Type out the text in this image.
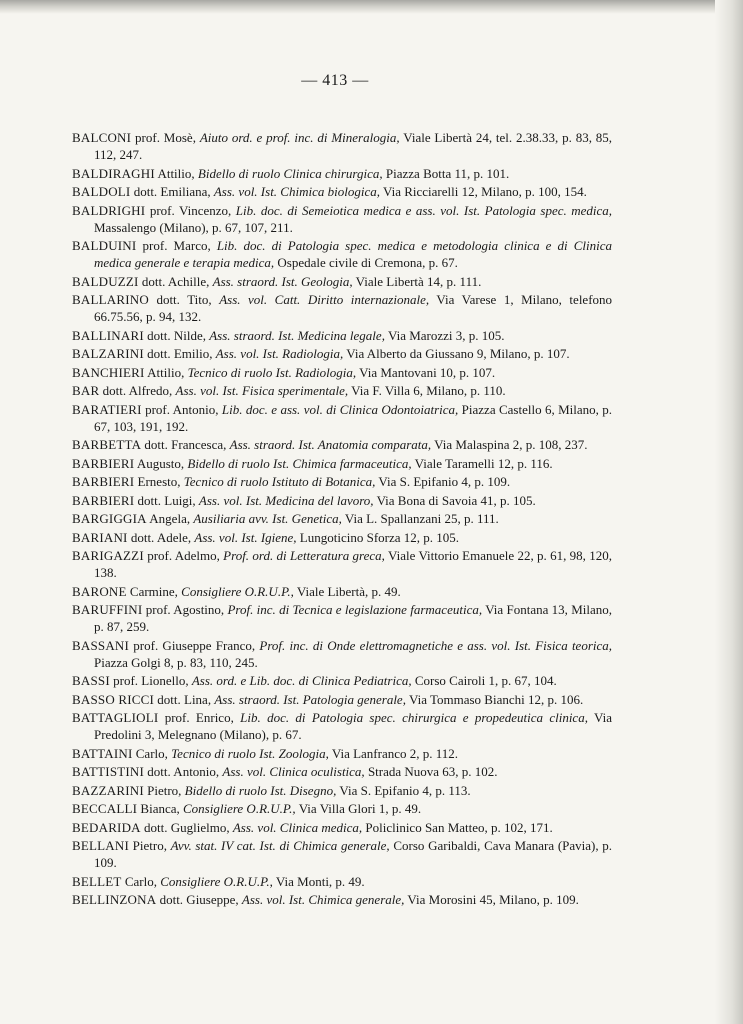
— 413 —

BALCONI prof. Mosè, Aiuto ord. e prof. inc. di Mineralogia, Viale Libertà 24, tel. 2.38.33, p. 83, 85, 112, 247.

BALDIRAGHI Attilio, Bidello di ruolo Clinica chirurgica, Piazza Botta 11, p. 101.

BALDOLI dott. Emiliana, Ass. vol. Ist. Chimica biologica, Via Ricciarelli 12, Milano, p. 100, 154.

BALDRIGHI prof. Vincenzo, Lib. doc. di Semeiotica medica e ass. vol. Ist. Patologia spec. medica, Massalengo (Milano), p. 67, 107, 211.

BALDUINI prof. Marco, Lib. doc. di Patologia spec. medica e metodologia clinica e di Clinica medica generale e terapia medica, Ospedale civile di Cremona, p. 67.

BALDUZZI dott. Achille, Ass. straord. Ist. Geologia, Viale Libertà 14, p. 111.

BALLARINO dott. Tito, Ass. vol. Catt. Diritto internazionale, Via Varese 1, Milano, telefono 66.75.56, p. 94, 132.

BALLINARI dott. Nilde, Ass. straord. Ist. Medicina legale, Via Marozzi 3, p. 105.

BALZARINI dott. Emilio, Ass. vol. Ist. Radiologia, Via Alberto da Giussano 9, Milano, p. 107.

BANCHIERI Attilio, Tecnico di ruolo Ist. Radiologia, Via Mantovani 10, p. 107.

BAR dott. Alfredo, Ass. vol. Ist. Fisica sperimentale, Via F. Villa 6, Milano, p. 110.

BARATIERI prof. Antonio, Lib. doc. e ass. vol. di Clinica Odontoiatrica, Piazza Castello 6, Milano, p. 67, 103, 191, 192.

BARBETTA dott. Francesca, Ass. straord. Ist. Anatomia comparata, Via Malaspina 2, p. 108, 237.

BARBIERI Augusto, Bidello di ruolo Ist. Chimica farmaceutica, Viale Taramelli 12, p. 116.

BARBIERI Ernesto, Tecnico di ruolo Istituto di Botanica, Via S. Epifanio 4, p. 109.

BARBIERI dott. Luigi, Ass. vol. Ist. Medicina del lavoro, Via Bona di Savoia 41, p. 105.

BARGIGGIA Angela, Ausiliaria avv. Ist. Genetica, Via L. Spallanzani 25, p. 111.

BARIANI dott. Adele, Ass. vol. Ist. Igiene, Lungoticino Sforza 12, p. 105.

BARIGAZZI prof. Adelmo, Prof. ord. di Letteratura greca, Viale Vittorio Emanuele 22, p. 61, 98, 120, 138.

BARONE Carmine, Consigliere O.R.U.P., Viale Libertà, p. 49.

BARUFFINI prof. Agostino, Prof. inc. di Tecnica e legislazione farmaceutica, Via Fontana 13, Milano, p. 87, 259.

BASSANI prof. Giuseppe Franco, Prof. inc. di Onde elettromagnetiche e ass. vol. Ist. Fisica teorica, Piazza Golgi 8, p. 83, 110, 245.

BASSI prof. Lionello, Ass. ord. e Lib. doc. di Clinica Pediatrica, Corso Cairoli 1, p. 67, 104.

BASSO RICCI dott. Lina, Ass. straord. Ist. Patologia generale, Via Tommaso Bianchi 12, p. 106.

BATTAGLIOLI prof. Enrico, Lib. doc. di Patologia spec. chirurgica e propedeutica clinica, Via Predolini 3, Melegnano (Milano), p. 67.

BATTAINI Carlo, Tecnico di ruolo Ist. Zoologia, Via Lanfranco 2, p. 112.

BATTISTINI dott. Antonio, Ass. vol. Clinica oculistica, Strada Nuova 63, p. 102.

BAZZARINI Pietro, Bidello di ruolo Ist. Disegno, Via S. Epifanio 4, p. 113.

BECCALLI Bianca, Consigliere O.R.U.P., Via Villa Glori 1, p. 49.

BEDARIDA dott. Guglielmo, Ass. vol. Clinica medica, Policlinico San Matteo, p. 102, 171.

BELLANI Pietro, Avv. stat. IV cat. Ist. di Chimica generale, Corso Garibaldi, Cava Manara (Pavia), p. 109.

BELLET Carlo, Consigliere O.R.U.P., Via Monti, p. 49.

BELLINZONA dott. Giuseppe, Ass. vol. Ist. Chimica generale, Via Morosini 45, Milano, p. 109.
